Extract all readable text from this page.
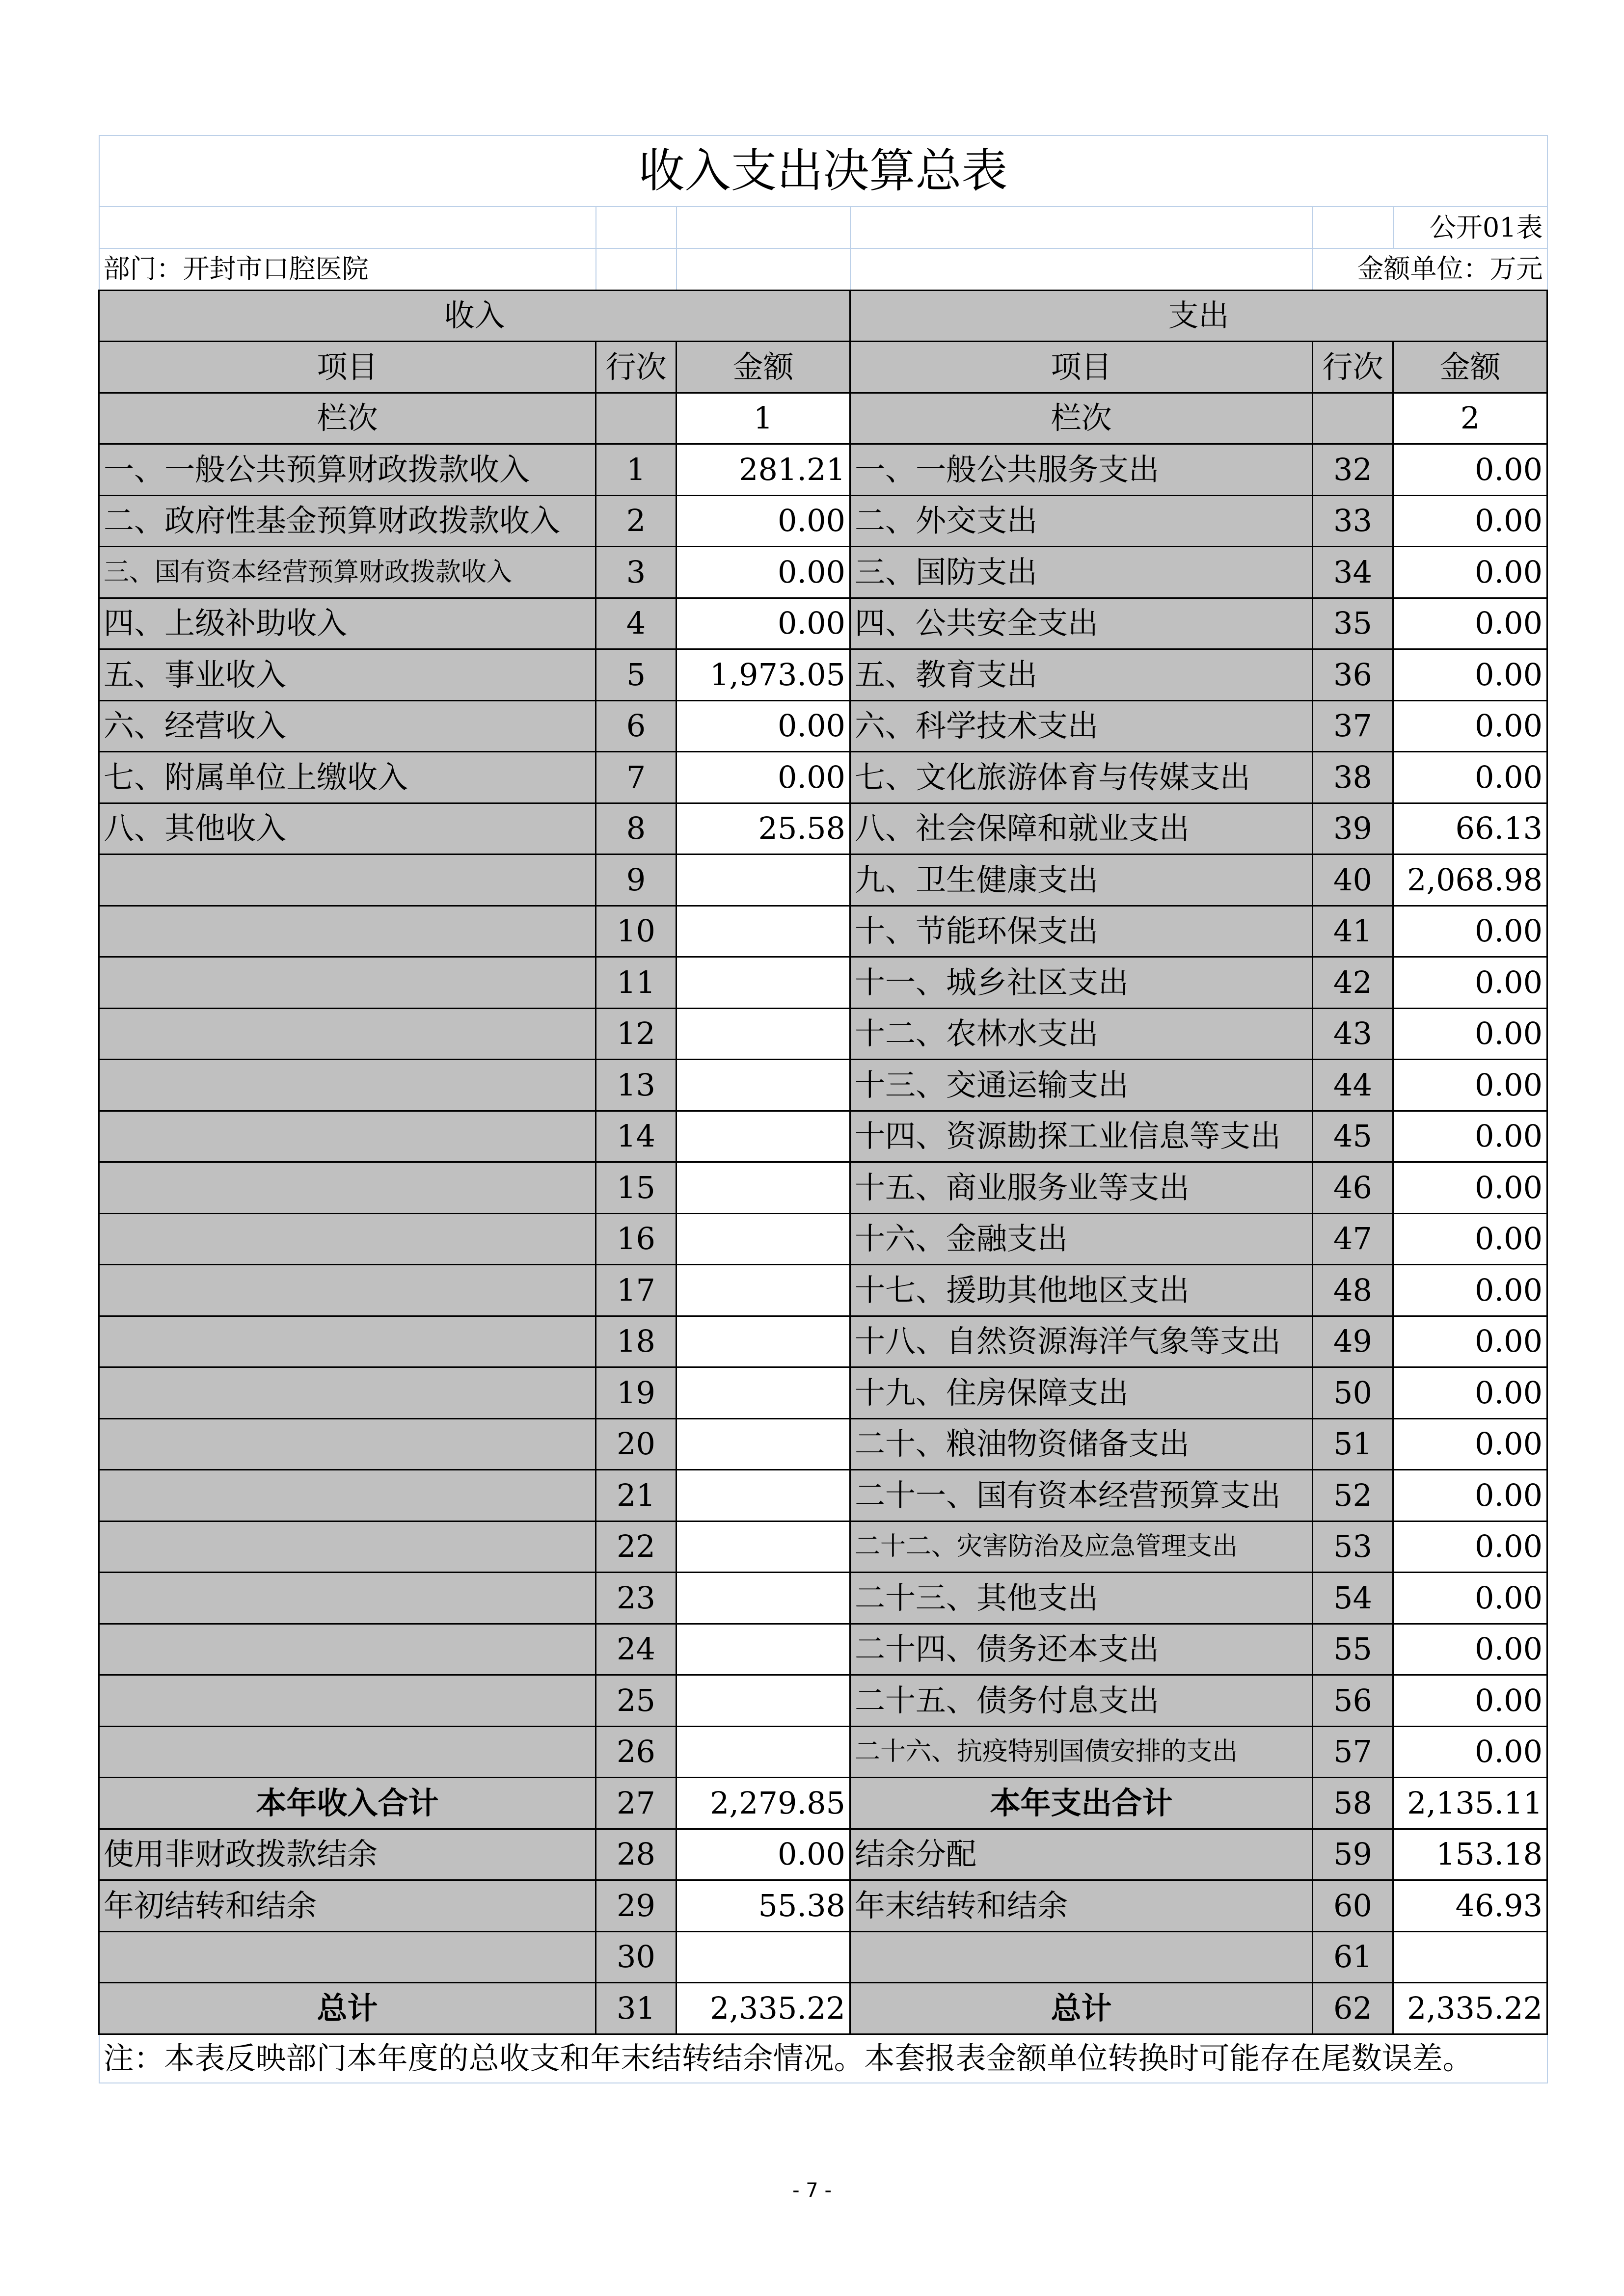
收入支出决算总表					
					公开01表
部门：开封市口腔医院				金额单位：万元	
收入			支出		
项目	行次	金额	项目	行次	金额
栏次		1	栏次		2
一、一般公共预算财政拨款收入	1	281.21	一、一般公共服务支出	32	0.00
二、政府性基金预算财政拨款收入	2	0.00	二、外交支出	33	0.00
三、国有资本经营预算财政拨款收入	3	0.00	三、国防支出	34	0.00
四、上级补助收入	4	0.00	四、公共安全支出	35	0.00
五、事业收入	5	1,973.05	五、教育支出	36	0.00
六、经营收入	6	0.00	六、科学技术支出	37	0.00
七、附属单位上缴收入	7	0.00	七、文化旅游体育与传媒支出	38	0.00
八、其他收入	8	25.58	八、社会保障和就业支出	39	66.13
	9		九、卫生健康支出	40	2,068.98
	10		十、节能环保支出	41	0.00
	11		十一、城乡社区支出	42	0.00
	12		十二、农林水支出	43	0.00
	13		十三、交通运输支出	44	0.00
	14		十四、资源勘探工业信息等支出	45	0.00
	15		十五、商业服务业等支出	46	0.00
	16		十六、金融支出	47	0.00
	17		十七、援助其他地区支出	48	0.00
	18		十八、自然资源海洋气象等支出	49	0.00
	19		十九、住房保障支出	50	0.00
	20		二十、粮油物资储备支出	51	0.00
	21		二十一、国有资本经营预算支出	52	0.00
	22		二十二、灾害防治及应急管理支出	53	0.00
	23		二十三、其他支出	54	0.00
	24		二十四、债务还本支出	55	0.00
	25		二十五、债务付息支出	56	0.00
	26		二十六、抗疫特别国债安排的支出	57	0.00
本年收入合计	27	2,279.85	本年支出合计	58	2,135.11
使用非财政拨款结余	28	0.00	结余分配	59	153.18
年初结转和结余	29	55.38	年末结转和结余	60	46.93
	30			61	
总计	31	2,335.22	总计	62	2,335.22
注：本表反映部门本年度的总收支和年末结转结余情况。本套报表金额单位转换时可能存在尾数误差。					
- 7 -
